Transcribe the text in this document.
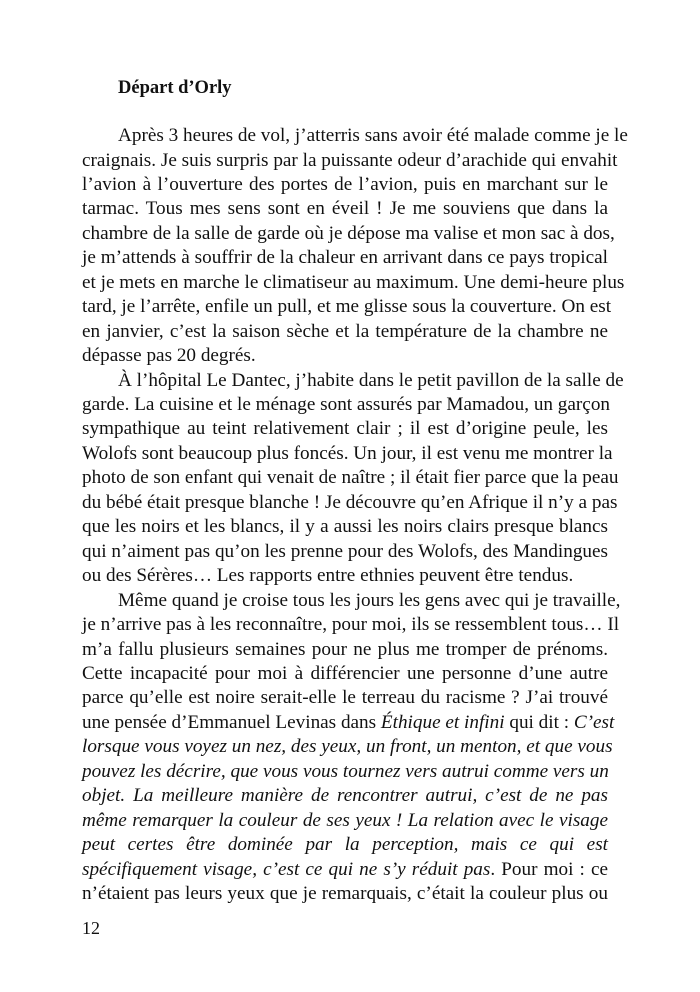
Départ d’Orly
Après 3 heures de vol, j’atterris sans avoir été malade comme je le
craignais. Je suis surpris par la puissante odeur d’arachide qui envahit
l’avion à l’ouverture des portes de l’avion, puis en marchant sur le
tarmac. Tous mes sens sont en éveil ! Je me souviens que dans la
chambre de la salle de garde où je dépose ma valise et mon sac à dos,
je m’attends à souffrir de la chaleur en arrivant dans ce pays tropical
et je mets en marche le climatiseur au maximum. Une demi-heure plus
tard, je l’arrête, enfile un pull, et me glisse sous la couverture. On est
en janvier, c’est la saison sèche et la température de la chambre ne
dépasse pas 20 degrés.
À l’hôpital Le Dantec, j’habite dans le petit pavillon de la salle de
garde. La cuisine et le ménage sont assurés par Mamadou, un garçon
sympathique au teint relativement clair ; il est d’origine peule, les
Wolofs sont beaucoup plus foncés. Un jour, il est venu me montrer la
photo de son enfant qui venait de naître ; il était fier parce que la peau
du bébé était presque blanche ! Je découvre qu’en Afrique il n’y a pas
que les noirs et les blancs, il y a aussi les noirs clairs presque blancs
qui n’aiment pas qu’on les prenne pour des Wolofs, des Mandingues
ou des Sérères… Les rapports entre ethnies peuvent être tendus.
Même quand je croise tous les jours les gens avec qui je travaille,
je n’arrive pas à les reconnaître, pour moi, ils se ressemblent tous… Il
m’a fallu plusieurs semaines pour ne plus me tromper de prénoms.
Cette incapacité pour moi à différencier une personne d’une autre
parce qu’elle est noire serait-elle le terreau du racisme ? J’ai trouvé
une pensée d’Emmanuel Levinas dans Éthique et infini qui dit : C’est
lorsque vous voyez un nez, des yeux, un front, un menton, et que vous
pouvez les décrire, que vous vous tournez vers autrui comme vers un
objet. La meilleure manière de rencontrer autrui, c’est de ne pas
même remarquer la couleur de ses yeux ! La relation avec le visage
peut certes être dominée par la perception, mais ce qui est
spécifiquement visage, c’est ce qui ne s’y réduit pas. Pour moi : ce
n’étaient pas leurs yeux que je remarquais, c’était la couleur plus ou
12
